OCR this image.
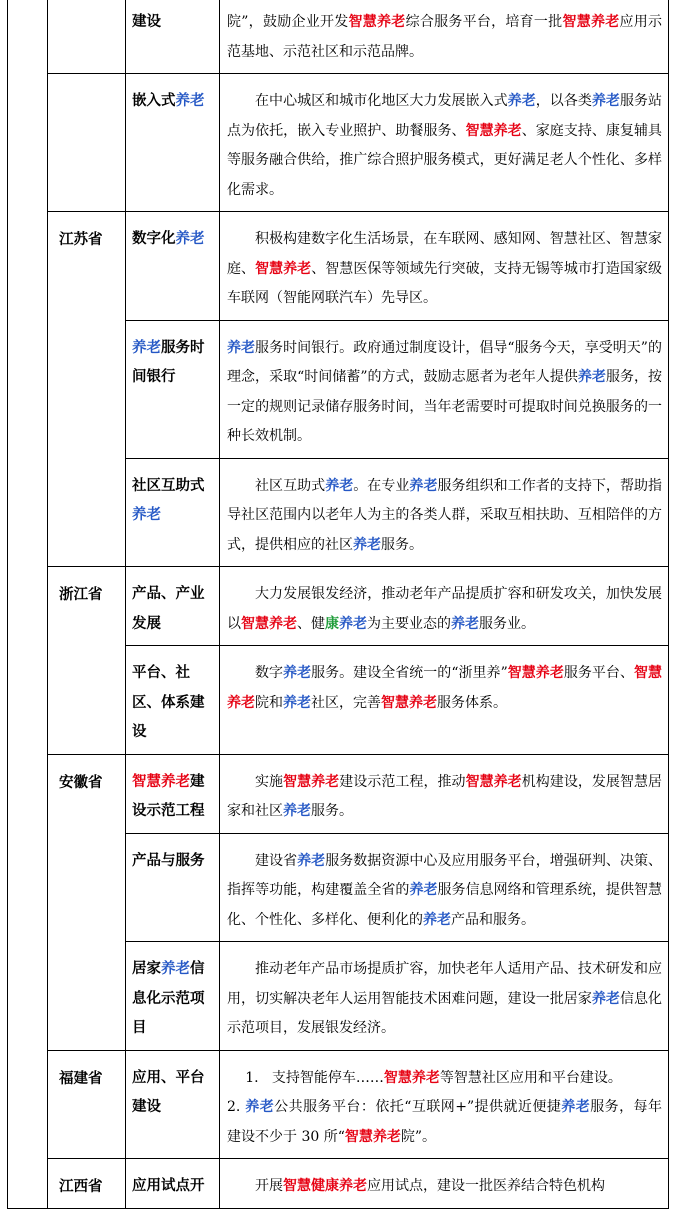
		建设	院”，鼓励企业开发智慧养老综合服务平台，培育一批智慧养老应用示范基地、示范社区和示范品牌。

		嵌入式养老	在中心城区和城市化地区大力发展嵌入式养老，以各类养老服务站点为依托，嵌入专业照护、助餐服务、智慧养老、家庭支持、康复辅具等服务融合供给，推广综合照护服务模式，更好满足老人个性化、多样化需求。

	江苏省	数字化养老	积极构建数字化生活场景，在车联网、感知网、智慧社区、智慧家庭、智慧养老、智慧医保等领域先行突破，支持无锡等城市打造国家级车联网（智能网联汽车）先导区。

		养老服务时间银行	养老服务时间银行。政府通过制度设计，倡导“服务今天，享受明天”的理念，采取“时间储蓄”的方式，鼓励志愿者为老年人提供养老服务，按一定的规则记录储存服务时间，当年老需要时可提取时间兑换服务的一种长效机制。

		社区互助式养老	社区互助式养老。在专业养老服务组织和工作者的支持下，帮助指导社区范围内以老年人为主的各类人群，采取互相扶助、互相陪伴的方式，提供相应的社区养老服务。

	浙江省	产品、产业发展	大力发展银发经济，推动老年产品提质扩容和研发攻关，加快发展以智慧养老、健康养老为主要业态的养老服务业。

		平台、社区、体系建设	数字养老服务。建设全省统一的“浙里养”智慧养老服务平台、智慧养老院和养老社区，完善智慧养老服务体系。

	安徽省	智慧养老建设示范工程	实施智慧养老建设示范工程，推动智慧养老机构建设，发展智慧居家和社区养老服务。

		产品与服务	建设省养老服务数据资源中心及应用服务平台，增强研判、决策、指挥等功能，构建覆盖全省的养老服务信息网络和管理系统，提供智慧化、个性化、多样化、便利化的养老产品和服务。

		居家养老信息化示范项目	推动老年产品市场提质扩容，加快老年人适用产品、技术研发和应用，切实解决老年人运用智能技术困难问题，建设一批居家养老信息化示范项目，发展银发经济。

	福建省	应用、平台建设	1.   支持智能停车……智慧养老等智慧社区应用和平台建设。

2. 养老公共服务平台：依托“互联网+”提供就近便捷养老服务，每年建设不少于 30 所“智慧养老院”。

	江西省	应用试点开	开展智慧健康养老应用试点，建设一批医养结合特色机构
